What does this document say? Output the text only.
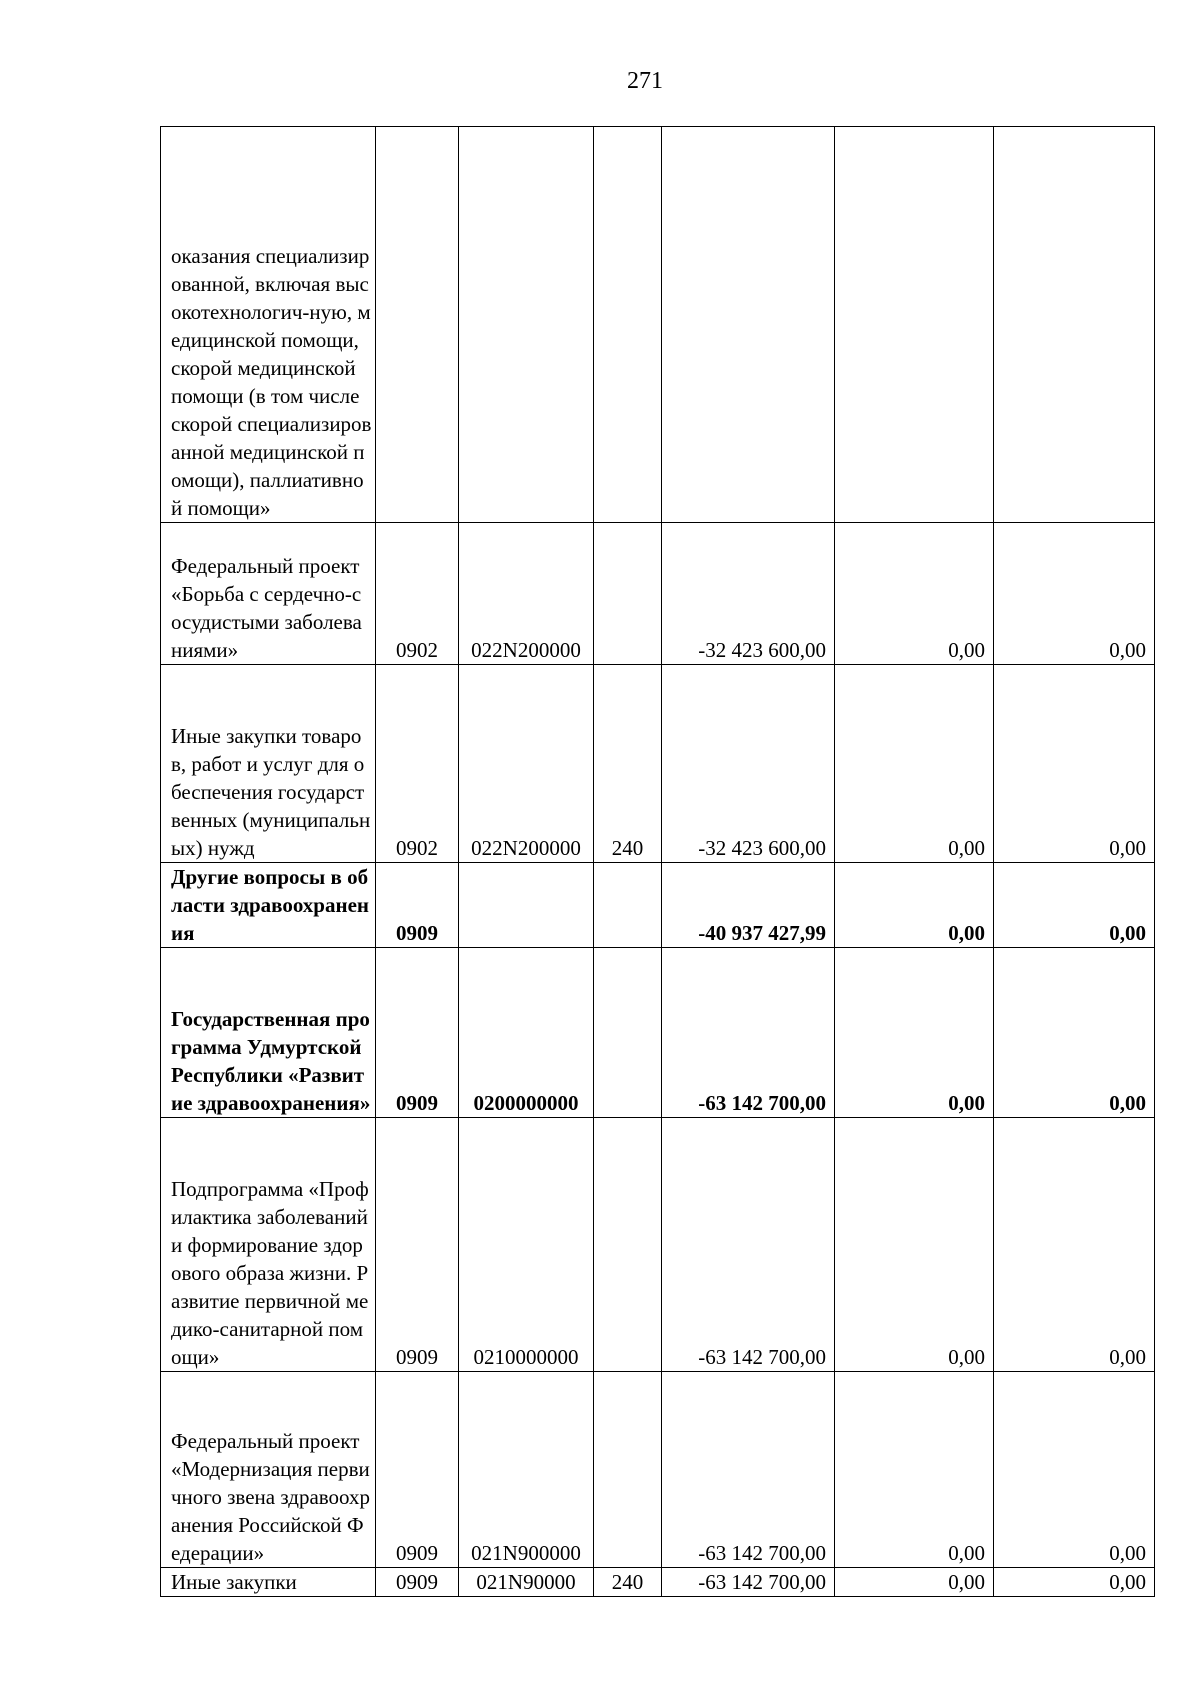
271
оказания специализированной, включая высокотехнологич-ную, медицинской помощи, скорой медицинской помощи (в том числе скорой специализированной медицинской помощи), паллиативной помощи»						
Федеральный проект «Борьба с сердечно-сосудистыми заболеваниями»	0902	022N200000		-32 423 600,00	0,00	0,00
Иные закупки товаров, работ и услуг для обеспечения государственных (муниципальных) нужд	0902	022N200000	240	-32 423 600,00	0,00	0,00
Другие вопросы в области здравоохранения	0909			-40 937 427,99	0,00	0,00
Государственная программа Удмуртской Республики «Развитие здравоохранения»	0909	0200000000		-63 142 700,00	0,00	0,00
Подпрограмма «Профилактика заболеваний и формирование здорового образа жизни. Развитие первичной медико-санитарной помощи»	0909	0210000000		-63 142 700,00	0,00	0,00
Федеральный проект «Модернизация первичного звена здравоохранения Российской Федерации»	0909	021N900000		-63 142 700,00	0,00	0,00
Иные закупки	0909	021N90000	240	-63 142 700,00	0,00	0,00
